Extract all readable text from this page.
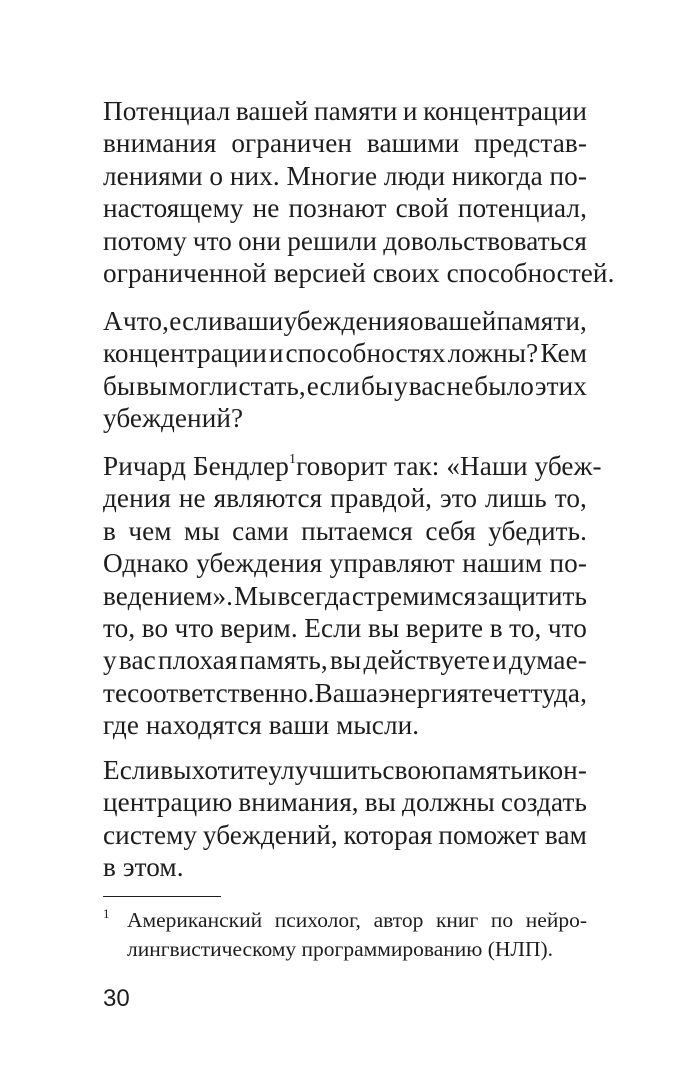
Потенциал вашей памяти и концентрации
внимания ограничен вашими представ-
лениями о них. Многие люди никогда по-
настоящему не познают свой потенциал,
потому что они решили довольствоваться
ограниченной версией своих способностей.
А что, если ваши убеждения о вашей памяти,
концентрации и способностях ложны? Кем
бы вы могли стать, если бы у вас не было этих
убеждений?
Ричард Бендлер$^1$ говорит так: «Наши убеж-
дения не являются правдой, это лишь то,
в чем мы сами пытаемся себя убедить.
Однако убеждения управляют нашим по-
ведением». Мы всегда стремимся защитить
то, во что верим. Если вы верите в то, что
у вас плохая память, вы действуете и думае-
те соответственно. Ваша энергия течет туда,
где находятся ваши мысли.
Если вы хотите улучшить свою память и кон-
центрацию внимания, вы должны создать
систему убеждений, которая поможет вам
в этом.
1 Американский психолог, автор книг по нейро-
лингвистическому программированию (НЛП).
30
